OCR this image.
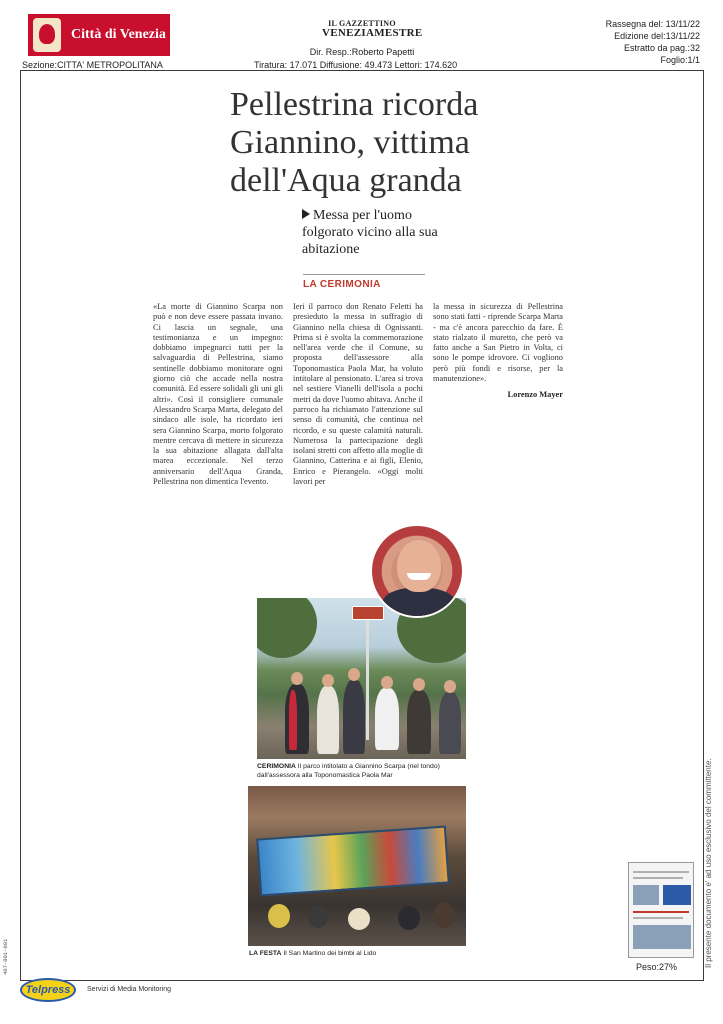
Città di Venezia
Sezione:CITTA' METROPOLITANA
IL GAZZETTINO
VENEZIAMESTRE
Dir. Resp.:Roberto Papetti
Tiratura: 17.071 Diffusione: 49.473 Lettori: 174.620
Rassegna del: 13/11/22
Edizione del:13/11/22
Estratto da pag.:32
Foglio:1/1
Pellestrina ricorda Giannino, vittima dell'Aqua granda
Messa per l'uomo folgorato vicino alla sua abitazione
LA CERIMONIA
«La morte di Giannino Scarpa non può e non deve essere passata invano. Ci lascia un segnale, una testimonianza e un impegno: dobbiamo impegnarci tutti per la salvaguardia di Pellestrina, siamo sentinelle dobbiamo monitorare ogni giorno ciò che accade nella nostra comunità. Ed essere solidali gli uni gli altri». Così il consigliere comunale Alessandro Scarpa Marta, delegato del sindaco alle isole, ha ricordato ieri sera Giannino Scarpa, morto folgorato mentre cercava di mettere in sicurezza la sua abitazione allagata dall'alta marea eccezionale. Nel terzo anniversario dell'Aqua Granda, Pellestrina non dimentica l'evento.
Ieri il parroco don Renato Feletti ha presieduto la messa in suffragio di Giannino nella chiesa di Ognissanti. Prima si è svolta la commemorazione nell'area verde che il Comune, su proposta dell'assessore alla Toponomastica Paola Mar, ha voluto intitolare al pensionato. L'area si trova nel sestiere Vianelli dell'isola a pochi metri da dove l'uomo abitava. Anche il parroco ha richiamato l'attenzione sul senso di comunità, che continua nel ricordo, e su queste calamità naturali. Numerosa la partecipazione degli isolani stretti con affetto alla moglie di Giannino, Catterina e ai figli, Elenio, Enrico e Pierangelo. «Oggi molti lavori per
la messa in sicurezza di Pellestrina sono stati fatti - riprende Scarpa Marta - ma c'è ancora parecchio da fare. È stato rialzato il muretto, che però va fatto anche a San Pietro in Volta, ci sono le pompe idrovore. Ci vogliono però più fondi e risorse, per la manutenzione».
Lorenzo Mayer
CERIMONIA Il parco intitolato a Giannino Scarpa (nel tondo) dall'assessora alla Toponomastica Paola Mar
LA FESTA Il San Martino dei bimbi al Lido	Il presente documento e' ad uso esclusivo del committente.
407-001-001	Peso:27%
Telpress Servizi di Media Monitoring
